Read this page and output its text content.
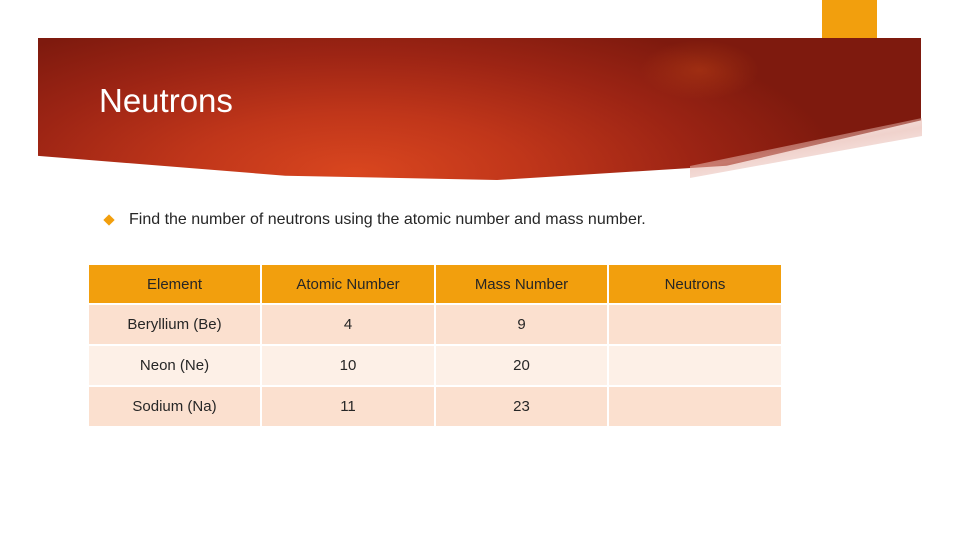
Neutrons
Find the number of neutrons using the atomic number and mass number.
Element	Atomic Number	Mass Number	Neutrons
Beryllium (Be)	4	9	
Neon (Ne)	10	20	
Sodium (Na)	11	23	
